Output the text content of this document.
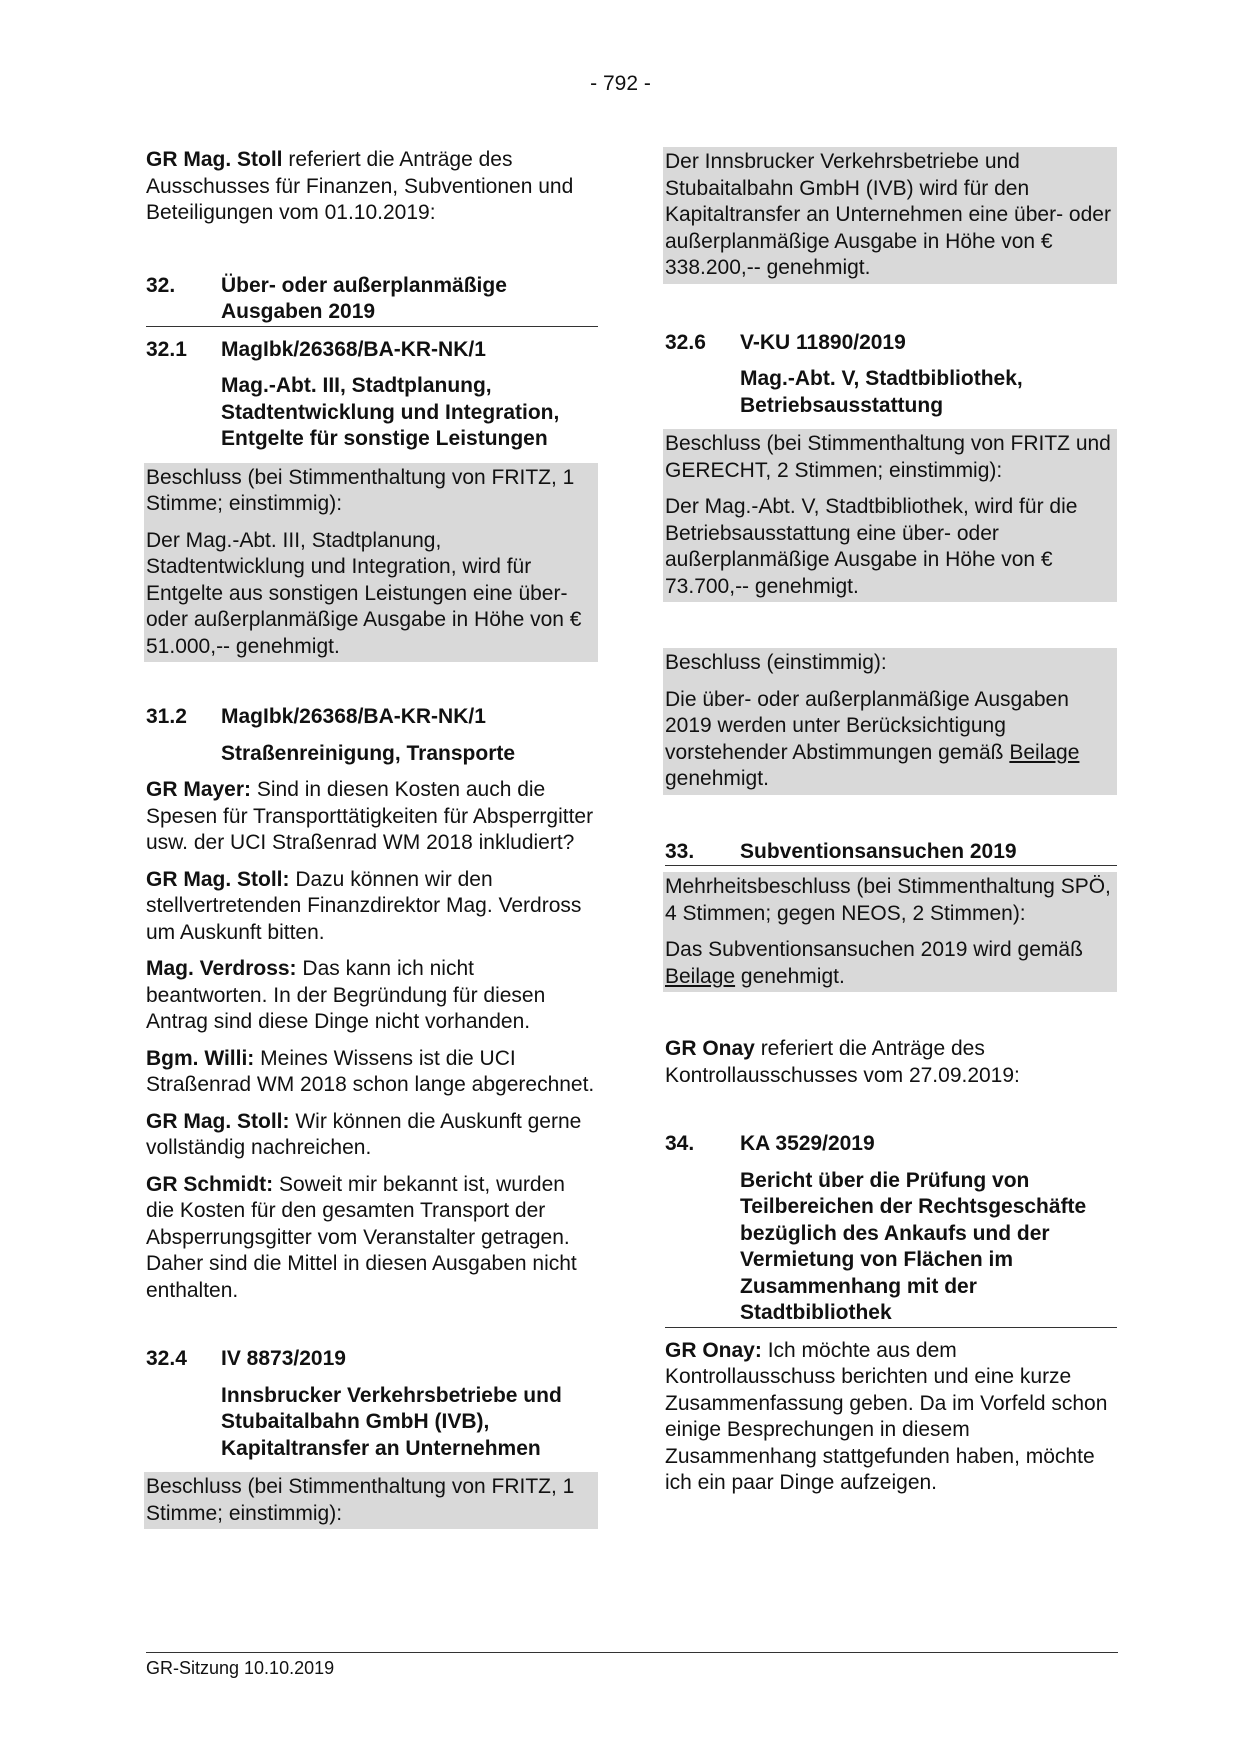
- 792 -

GR Mag. Stoll referiert die Anträge des Ausschusses für Finanzen, Subventionen und Beteiligungen vom 01.10.2019:

32.	Über- oder außerplanmäßige Ausgaben 2019
32.1	MagIbk/26368/BA-KR-NK/1

Mag.-Abt. III, Stadtplanung, Stadtentwicklung und Integration, Entgelte für sonstige Leistungen

Beschluss (bei Stimmenthaltung von FRITZ, 1 Stimme; einstimmig):

Der Mag.-Abt. III, Stadtplanung, Stadtentwicklung und Integration, wird für Entgelte aus sonstigen Leistungen eine über- oder außerplanmäßige Ausgabe in Höhe von € 51.000,-- genehmigt.

31.2	MagIbk/26368/BA-KR-NK/1

Straßenreinigung, Transporte

GR Mayer: Sind in diesen Kosten auch die Spesen für Transporttätigkeiten für Absperrgitter usw. der UCI Straßenrad WM 2018 inkludiert?

GR Mag. Stoll: Dazu können wir den stellvertretenden Finanzdirektor Mag. Verdross um Auskunft bitten.

Mag. Verdross: Das kann ich nicht beantworten. In der Begründung für diesen Antrag sind diese Dinge nicht vorhanden.

Bgm. Willi: Meines Wissens ist die UCI Straßenrad WM 2018 schon lange abgerechnet.

GR Mag. Stoll: Wir können die Auskunft gerne vollständig nachreichen.

GR Schmidt: Soweit mir bekannt ist, wurden die Kosten für den gesamten Transport der Absperrungsgitter vom Veranstalter getragen. Daher sind die Mittel in diesen Ausgaben nicht enthalten.

32.4	IV 8873/2019

Innsbrucker Verkehrsbetriebe und Stubaitalbahn GmbH (IVB), Kapitaltransfer an Unternehmen

Beschluss (bei Stimmenthaltung von FRITZ, 1 Stimme; einstimmig):

Der Innsbrucker Verkehrsbetriebe und Stubaitalbahn GmbH (IVB) wird für den Kapitaltransfer an Unternehmen eine über- oder außerplanmäßige Ausgabe in Höhe von € 338.200,-- genehmigt.

32.6	V-KU 11890/2019

Mag.-Abt. V, Stadtbibliothek, Betriebsausstattung

Beschluss (bei Stimmenthaltung von FRITZ und GERECHT, 2 Stimmen; einstimmig):

Der Mag.-Abt. V, Stadtbibliothek, wird für die Betriebsausstattung eine über- oder außerplanmäßige Ausgabe in Höhe von € 73.700,-- genehmigt.

Beschluss (einstimmig):

Die über- oder außerplanmäßige Ausgaben 2019 werden unter Berücksichtigung vorstehender Abstimmungen gemäß Beilage genehmigt.

33.	Subventionsansuchen 2019

Mehrheitsbeschluss (bei Stimmenthaltung SPÖ, 4 Stimmen; gegen NEOS, 2 Stimmen):

Das Subventionsansuchen 2019 wird gemäß Beilage genehmigt.

GR Onay referiert die Anträge des Kontrollausschusses vom 27.09.2019:

34.	KA 3529/2019

Bericht über die Prüfung von Teilbereichen der Rechtsgeschäfte bezüglich des Ankaufs und der Vermietung von Flächen im Zusammenhang mit der Stadtbibliothek

GR Onay: Ich möchte aus dem Kontrollausschuss berichten und eine kurze Zusammenfassung geben. Da im Vorfeld schon einige Besprechungen in diesem Zusammenhang stattgefunden haben, möchte ich ein paar Dinge aufzeigen.

GR-Sitzung 10.10.2019
